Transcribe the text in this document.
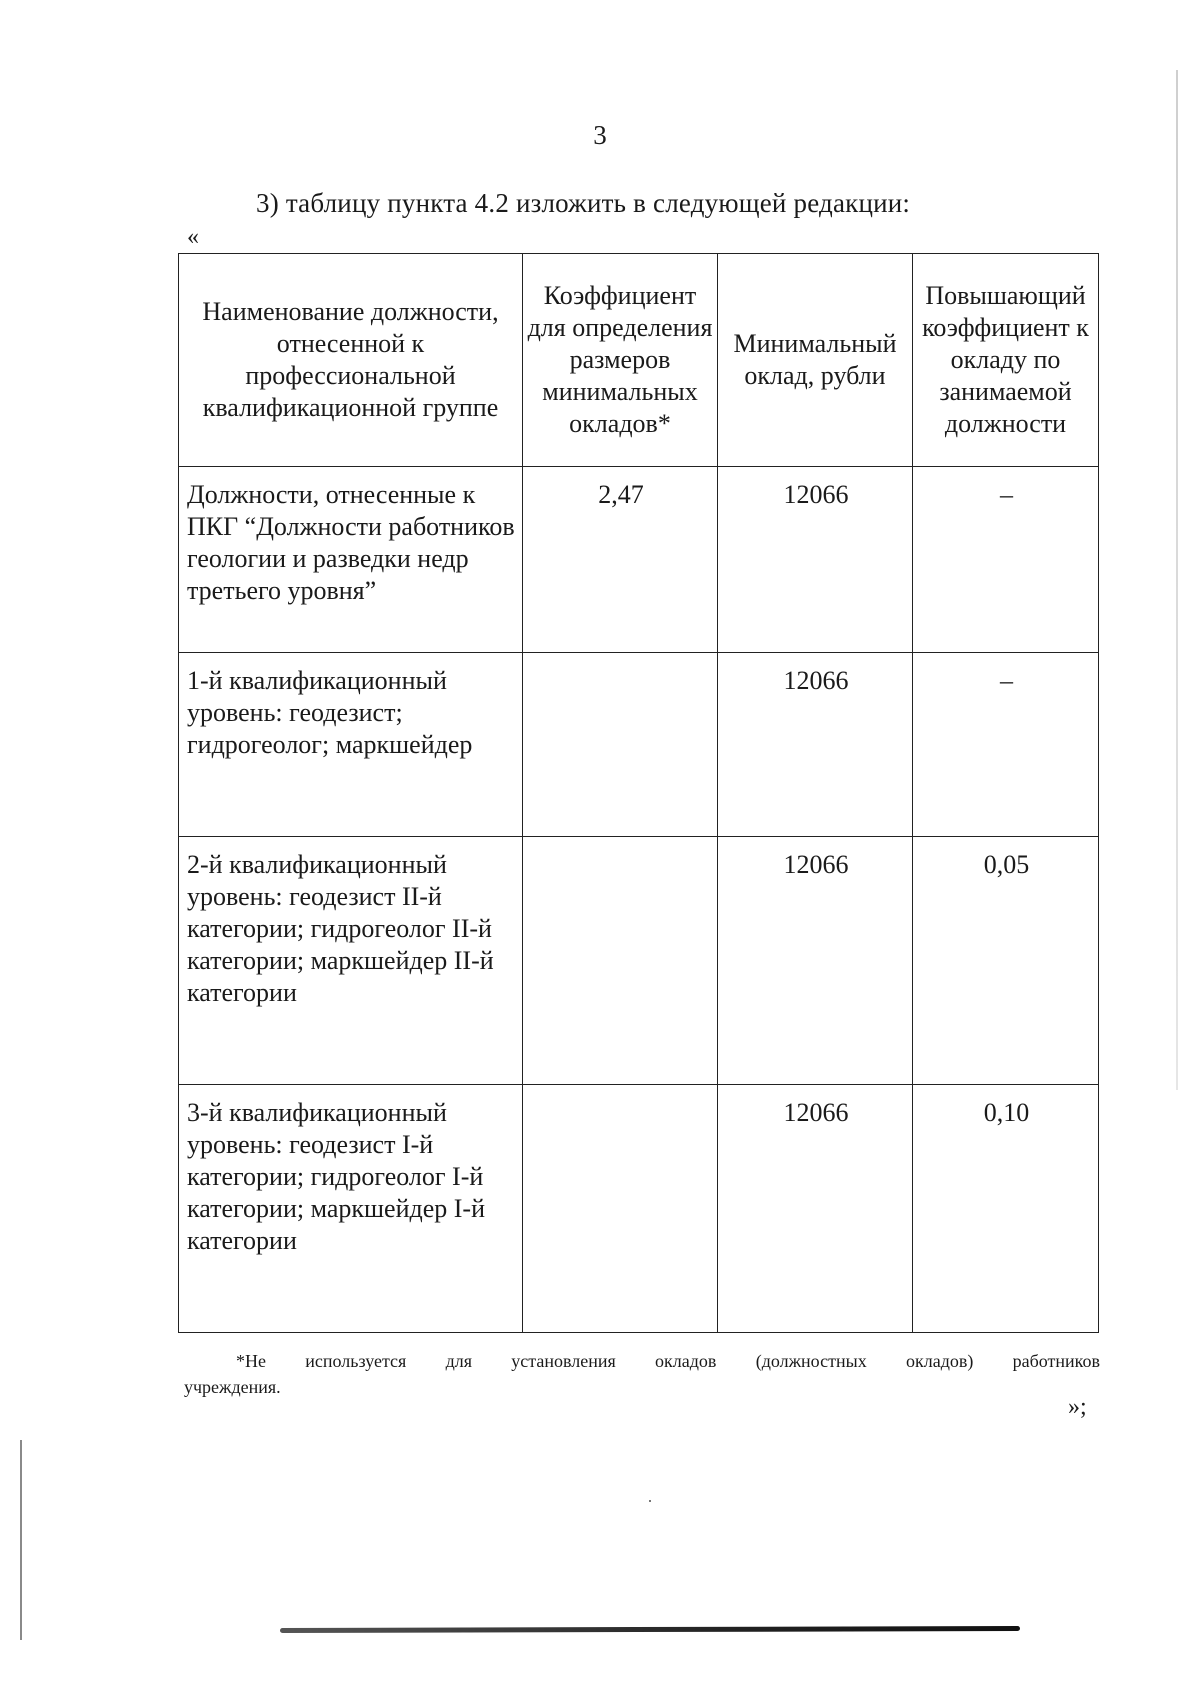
3
3) таблицу пункта 4.2 изложить в следующей редакции:
«
Наименование должности, отнесенной к профессиональной квалификационной группе	Коэффициент для определения размеров минимальных окладов*	Минимальный оклад, рубли	Повышающий коэффициент к окладу по занимаемой должности
Должности, отнесенные к ПКГ “Должности работников геологии и разведки недр третьего уровня”	2,47	12066	–
1-й квалификационный уровень: геодезист; гидрогеолог; маркшейдер		12066	–
2-й квалификационный уровень: геодезист II-й категории; гидрогеолог II-й категории; маркшейдер II-й категории		12066	0,05
3-й квалификационный уровень: геодезист I-й категории; гидрогеолог I-й категории; маркшейдер I-й категории		12066	0,10
*Не используется для установления окладов (должностных окладов) работников
учреждения.
»;
